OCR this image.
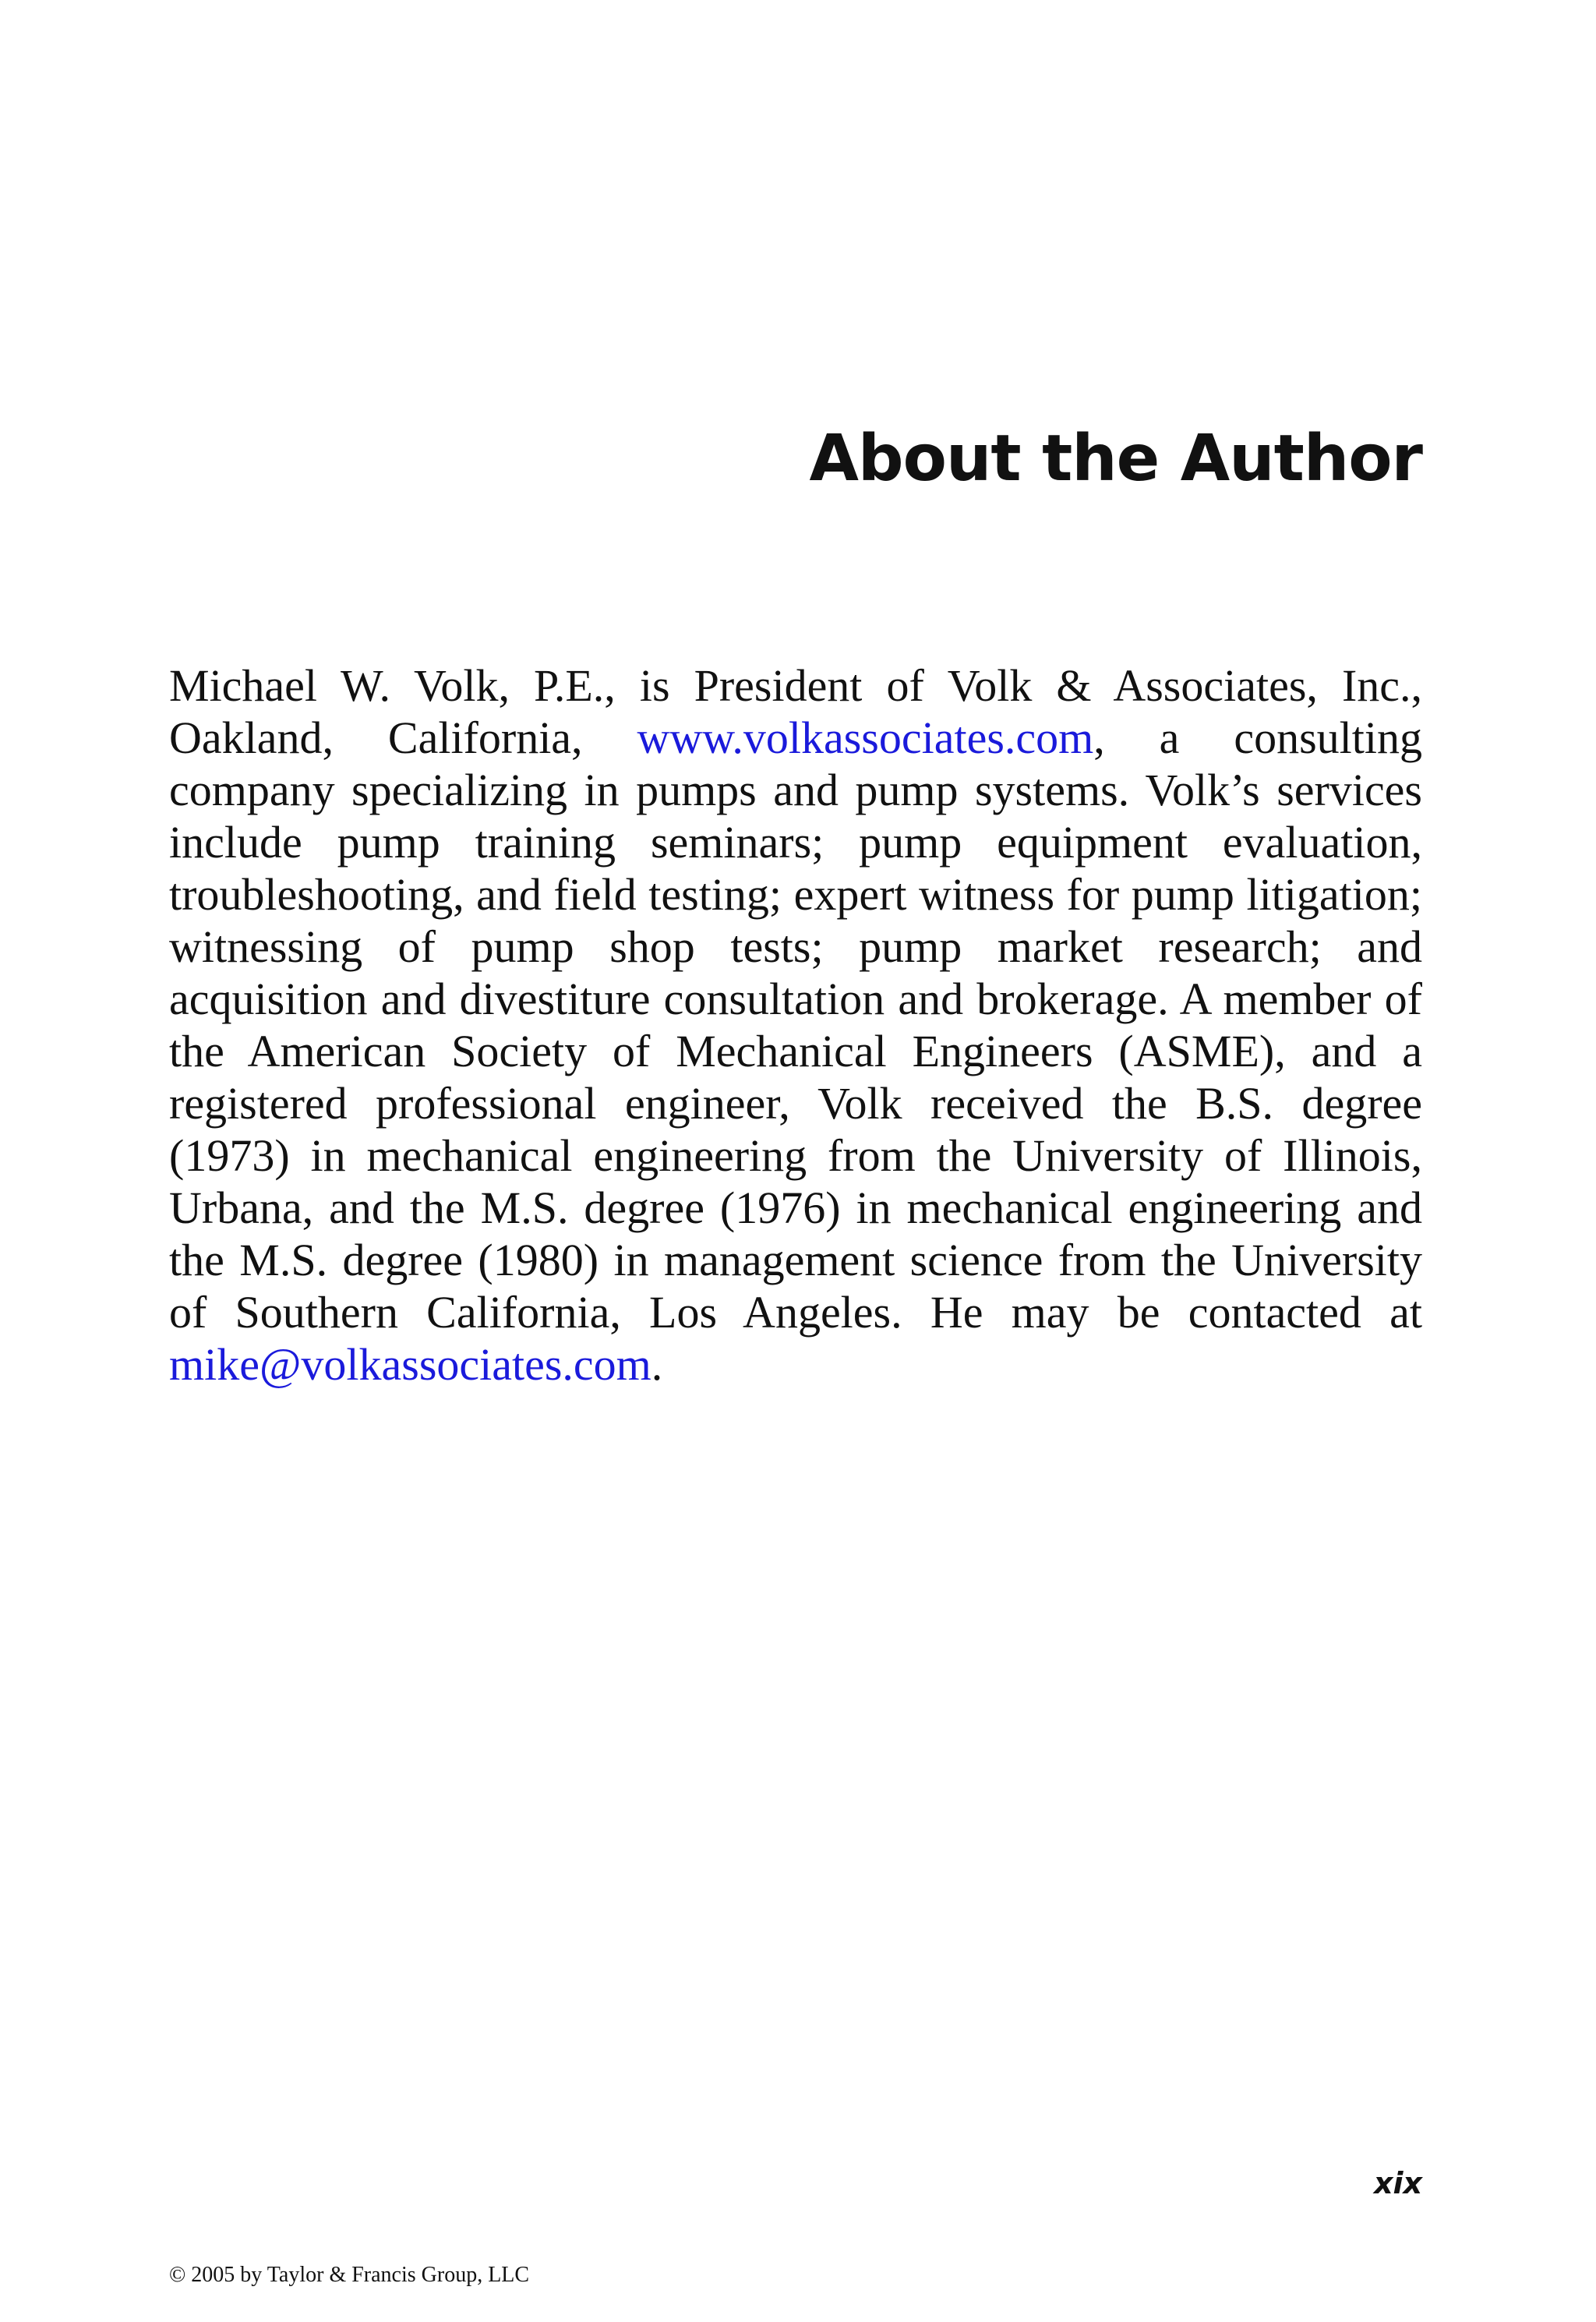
About the Author

Michael W. Volk, P.E., is President of Volk & Associates, Inc., Oakland, California, www.volkassociates.com, a consulting company specializing in pumps and pump systems. Volk’s services include pump training seminars; pump equipment evaluation, troubleshooting, and field testing; expert witness for pump litigation; witnessing of pump shop tests; pump market research; and acquisition and divestiture consultation and brokerage. A member of the American Society of Mechanical Engineers (ASME), and a registered professional engineer, Volk received the B.S. degree (1973) in mechanical engineering from the University of Illinois, Urbana, and the M.S. degree (1976) in mechanical engineering and the M.S. degree (1980) in management science from the University of Southern California, Los Angeles. He may be contacted at mike@volkassociates.com.

xix
© 2005 by Taylor & Francis Group, LLC
